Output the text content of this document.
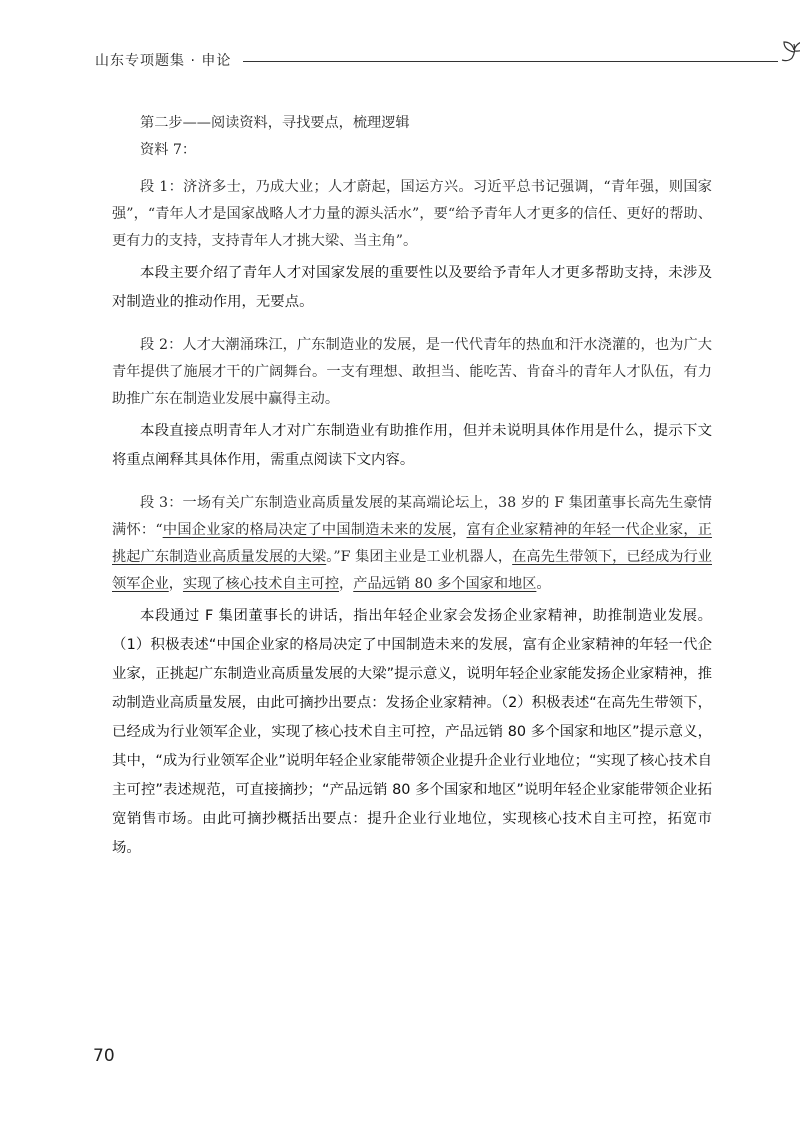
山东专项题集 · 申论

第二步——阅读资料，寻找要点，梳理逻辑

资料 7：

段 1：济济多士，乃成大业；人才蔚起，国运方兴。习近平总书记强调，“青年强，则国家强”，“青年人才是国家战略人才力量的源头活水”，要“给予青年人才更多的信任、更好的帮助、更有力的支持，支持青年人才挑大梁、当主角”。

本段主要介绍了青年人才对国家发展的重要性以及要给予青年人才更多帮助支持，未涉及对制造业的推动作用，无要点。

段 2：人才大潮涌珠江，广东制造业的发展，是一代代青年的热血和汗水浇灌的，也为广大青年提供了施展才干的广阔舞台。一支有理想、敢担当、能吃苦、肯奋斗的青年人才队伍，有力助推广东在制造业发展中赢得主动。

本段直接点明青年人才对广东制造业有助推作用，但并未说明具体作用是什么，提示下文将重点阐释其具体作用，需重点阅读下文内容。

段 3：一场有关广东制造业高质量发展的某高端论坛上，38 岁的 F 集团董事长高先生豪情满怀：“中国企业家的格局决定了中国制造未来的发展，富有企业家精神的年轻一代企业家，正挑起广东制造业高质量发展的大梁。”F 集团主业是工业机器人，在高先生带领下，已经成为行业领军企业，实现了核心技术自主可控，产品远销 80 多个国家和地区。

本段通过 F 集团董事长的讲话，指出年轻企业家会发扬企业家精神，助推制造业发展。（1）积极表述“中国企业家的格局决定了中国制造未来的发展，富有企业家精神的年轻一代企业家，正挑起广东制造业高质量发展的大梁”提示意义，说明年轻企业家能发扬企业家精神，推动制造业高质量发展，由此可摘抄出要点：发扬企业家精神。（2）积极表述“在高先生带领下，已经成为行业领军企业，实现了核心技术自主可控，产品远销 80 多个国家和地区”提示意义，其中，“成为行业领军企业”说明年轻企业家能带领企业提升企业行业地位；“实现了核心技术自主可控”表述规范，可直接摘抄；“产品远销 80 多个国家和地区”说明年轻企业家能带领企业拓宽销售市场。由此可摘抄概括出要点：提升企业行业地位，实现核心技术自主可控，拓宽市场。

70
